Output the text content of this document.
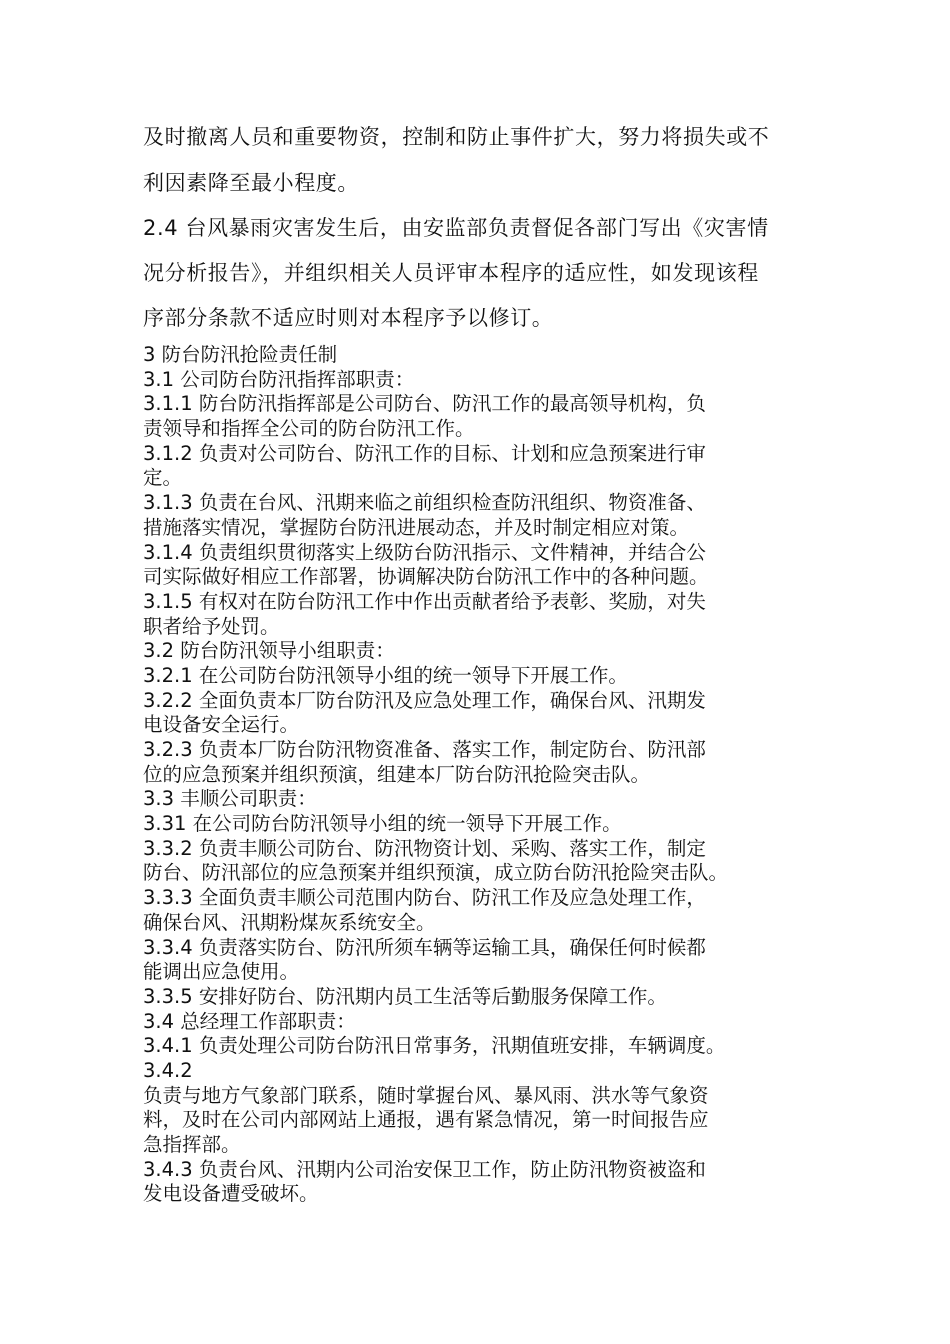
及时撤离人员和重要物资，控制和防止事件扩大，努力将损失或不
利因素降至最小程度。
2.4 台风暴雨灾害发生后，由安监部负责督促各部门写出《灾害情
况分析报告》，并组织相关人员评审本程序的适应性，如发现该程
序部分条款不适应时则对本程序予以修订。
3 防台防汛抢险责任制
3.1 公司防台防汛指挥部职责：
3.1.1 防台防汛指挥部是公司防台、防汛工作的最高领导机构，负
责领导和指挥全公司的防台防汛工作。
3.1.2 负责对公司防台、防汛工作的目标、计划和应急预案进行审
定。
3.1.3 负责在台风、汛期来临之前组织检查防汛组织、物资准备、
措施落实情况，掌握防台防汛进展动态，并及时制定相应对策。
3.1.4 负责组织贯彻落实上级防台防汛指示、文件精神，并结合公
司实际做好相应工作部署，协调解决防台防汛工作中的各种问题。
3.1.5 有权对在防台防汛工作中作出贡献者给予表彰、奖励，对失
职者给予处罚。
3.2 防台防汛领导小组职责：
3.2.1 在公司防台防汛领导小组的统一领导下开展工作。
3.2.2 全面负责本厂防台防汛及应急处理工作，确保台风、汛期发
电设备安全运行。
3.2.3 负责本厂防台防汛物资准备、落实工作，制定防台、防汛部
位的应急预案并组织预演，组建本厂防台防汛抢险突击队。
3.3 丰顺公司职责：
3.31 在公司防台防汛领导小组的统一领导下开展工作。
3.3.2 负责丰顺公司防台、防汛物资计划、采购、落实工作，制定
防台、防汛部位的应急预案并组织预演，成立防台防汛抢险突击队。
3.3.3 全面负责丰顺公司范围内防台、防汛工作及应急处理工作，
确保台风、汛期粉煤灰系统安全。
3.3.4 负责落实防台、防汛所须车辆等运输工具，确保任何时候都
能调出应急使用。
3.3.5 安排好防台、防汛期内员工生活等后勤服务保障工作。
3.4 总经理工作部职责：
3.4.1 负责处理公司防台防汛日常事务，汛期值班安排，车辆调度。
3.4.2
负责与地方气象部门联系，随时掌握台风、暴风雨、洪水等气象资
料，及时在公司内部网站上通报，遇有紧急情况，第一时间报告应
急指挥部。
3.4.3 负责台风、汛期内公司治安保卫工作，防止防汛物资被盗和
发电设备遭受破坏。
